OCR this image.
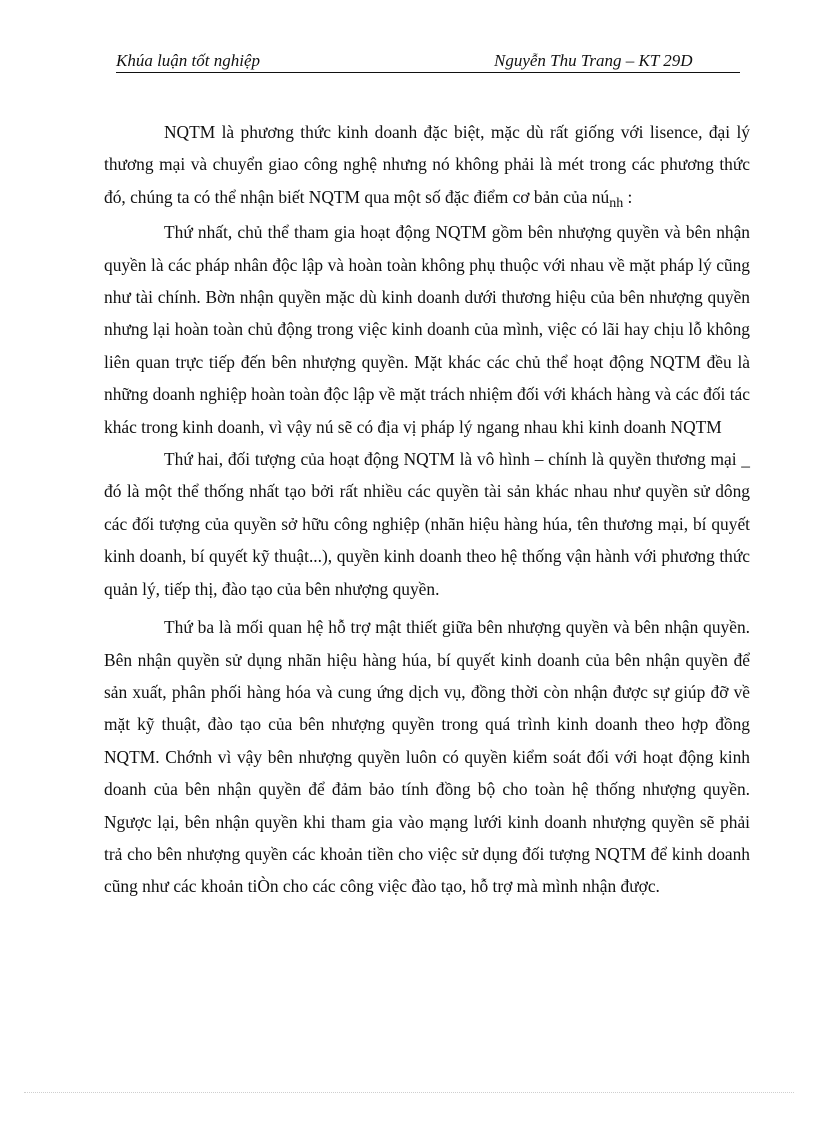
Khúa luận tốt nghiệp	Nguyễn Thu Trang – KT 29D

NQTM là phương thức kinh doanh đặc biệt, mặc dù rất giống với lisence, đại lý thương mại và chuyển giao công nghệ nhưng nó không phải là mét trong các phương thức đó, chúng ta có thể nhận biết NQTM qua một số đặc điểm cơ bản của $nú_{nh}$ :

Thứ nhất, chủ thể tham gia hoạt động NQTM gồm bên nhượng quyền và bên nhận quyền là các pháp nhân độc lập và hoàn toàn không phụ thuộc với nhau về mặt pháp lý cũng như tài chính. Bờn nhận quyền mặc dù kinh doanh dưới thương hiệu của bên nhượng quyền nhưng lại hoàn toàn chủ động trong việc kinh doanh của mình, việc có lãi hay chịu lỗ không liên quan trực tiếp đến bên nhượng quyền. Mặt khác các chủ thể hoạt động NQTM đều là những doanh nghiệp hoàn toàn độc lập về mặt trách nhiệm đối với khách hàng và các đối tác khác trong kinh doanh, vì vậy nú sẽ có địa vị pháp lý ngang nhau khi kinh doanh NQTM

Thứ hai, đối tượng của hoạt động NQTM là vô hình – chính là quyền thương mại _ đó là một thể thống nhất tạo bởi rất nhiều các quyền tài sản khác nhau như quyền sử dông các đối tượng của quyền sở hữu công nghiệp (nhãn hiệu hàng húa, tên thương mại, bí quyết kinh doanh, bí quyết kỹ thuật...), quyền kinh doanh theo hệ thống vận hành với phương thức quản lý, tiếp thị, đào tạo của bên nhượng quyền.

Thứ ba là mối quan hệ hỗ trợ mật thiết giữa bên nhượng quyền và bên nhận quyền. Bên nhận quyền sử dụng nhãn hiệu hàng húa, bí quyết kinh doanh của bên nhận quyền để sản xuất, phân phối hàng hóa và cung ứng dịch vụ, đồng thời còn nhận được sự giúp đỡ về mặt kỹ thuật, đào tạo của bên nhượng quyền trong quá trình kinh doanh theo hợp đồng NQTM. Chớnh vì vậy bên nhượng quyền luôn có quyền kiểm soát đối với hoạt động kinh doanh của bên nhận quyền để đảm bảo tính đồng bộ cho toàn hệ thống nhượng quyền. Ngược lại, bên nhận quyền khi tham gia vào mạng lưới kinh doanh nhượng quyền sẽ phải trả cho bên nhượng quyền các khoản tiền cho việc sử dụng đối tượng NQTM để kinh doanh cũng như các khoản tiÒn cho các công việc đào tạo, hỗ trợ mà mình nhận được.
